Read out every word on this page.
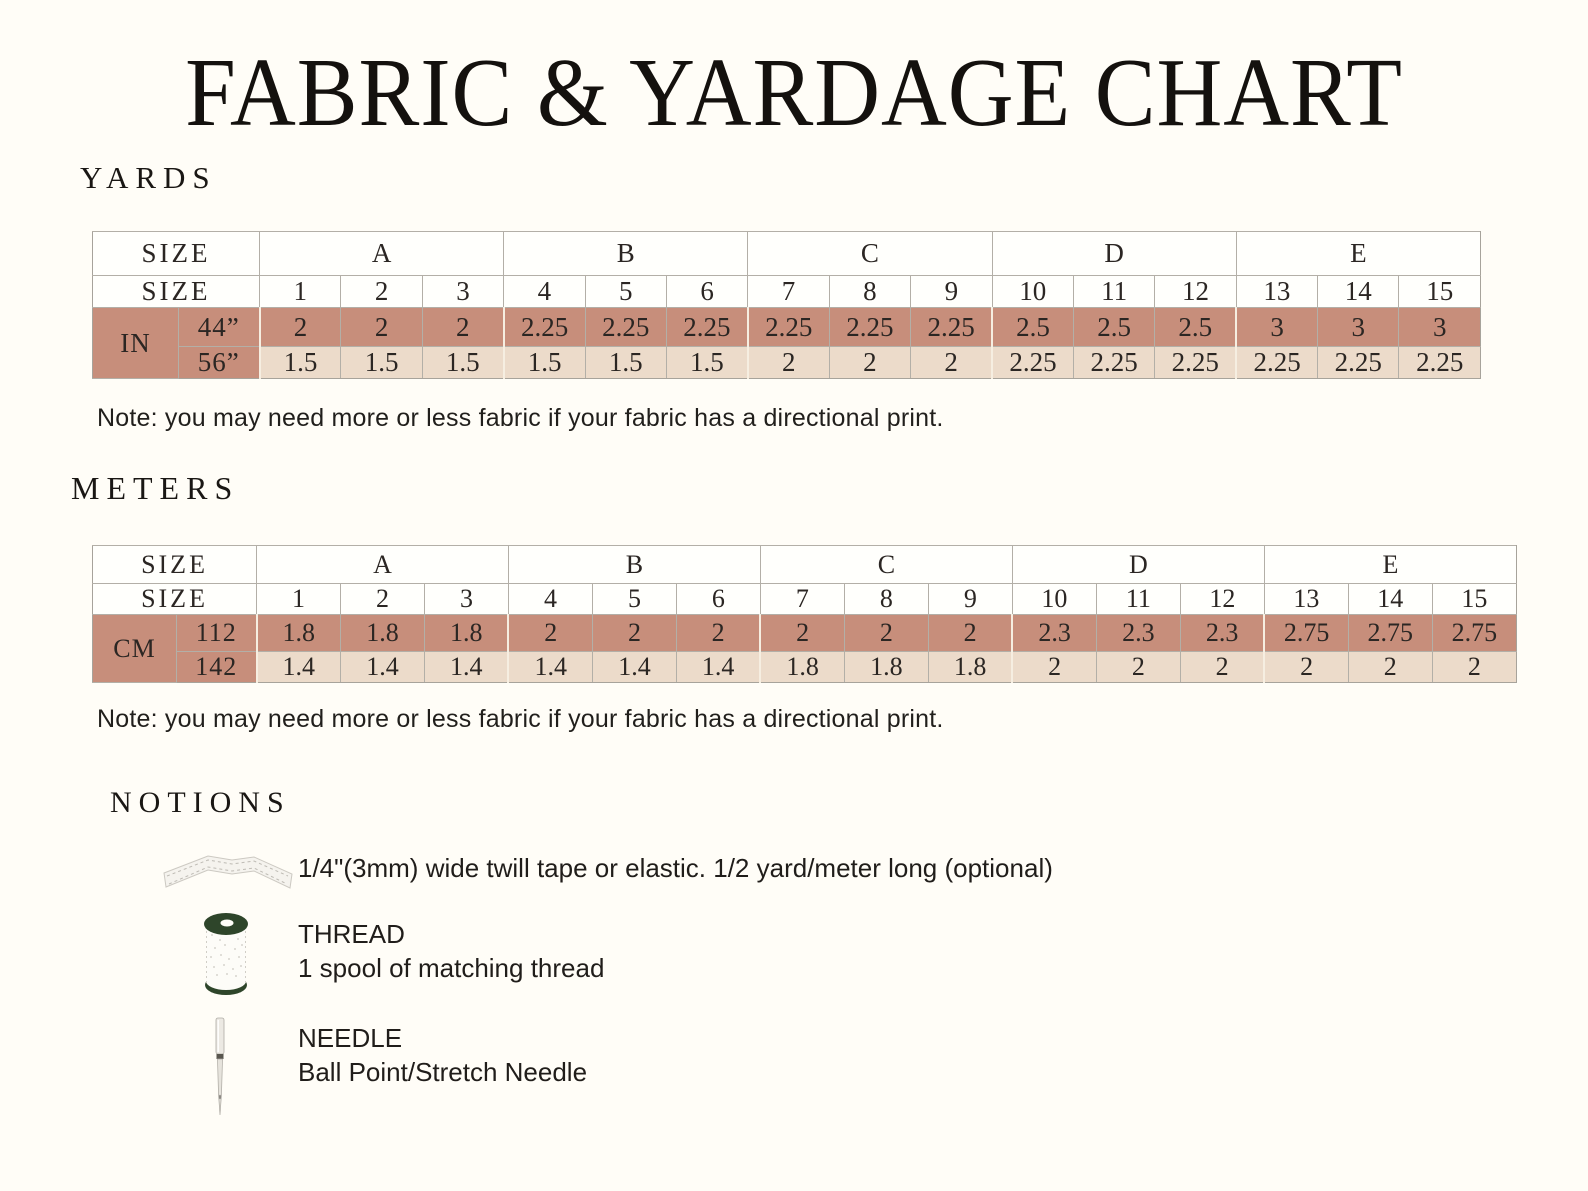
FABRIC & YARDAGE CHART
YARDS
SIZE		A			B			C			D			E		
SIZE		1	2	3	4	5	6	7	8	9	10	11	12	13	14	15
IN	44”	2	2	2	2.25	2.25	2.25	2.25	2.25	2.25	2.5	2.5	2.5	3	3	3
	56”	1.5	1.5	1.5	1.5	1.5	1.5	2	2	2	2.25	2.25	2.25	2.25	2.25	2.25

Note: you may need more or less fabric if your fabric has a directional print.

METERS
SIZE		A			B			C			D			E		
SIZE		1	2	3	4	5	6	7	8	9	10	11	12	13	14	15
CM	112	1.8	1.8	1.8	2	2	2	2	2	2	2.3	2.3	2.3	2.75	2.75	2.75
	142	1.4	1.4	1.4	1.4	1.4	1.4	1.8	1.8	1.8	2	2	2	2	2	2

Note: you may need more or less fabric if your fabric has a directional print.

NOTIONS

1/4"(3mm) wide twill tape or elastic. 1/2 yard/meter long (optional)

THREAD

1 spool of matching thread

NEEDLE

Ball Point/Stretch Needle
